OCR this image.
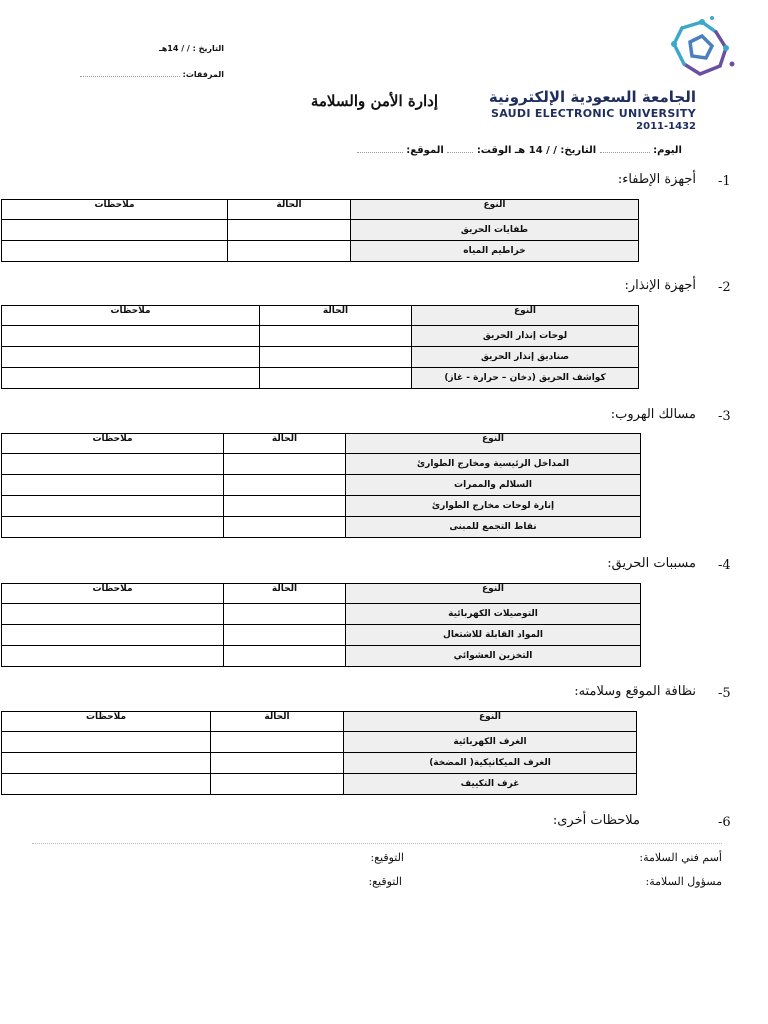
التاريخ : / / 14هـ
المرفقات:
الجامعة السعودية الإلكترونية
SAUDI ELECTRONIC UNIVERSITY
2011-1432
إدارة الأمن والسلامة
اليوم:  التاريخ: / / 14 هـ الوقت:  الموقع:
-1
أجهزة الإطفاء:
النوع	الحالة	ملاحظات
طفايات الحريق		
خراطيم المياه		
-2
أجهزة الإنذار:
النوع	الحالة	ملاحظات
لوحات إنذار الحريق		
صناديق إنذار الحريق		
كواشف الحريق (دخان – حرارة - غاز)		
-3
مسالك الهروب:
النوع	الحالة	ملاحظات
المداخل الرئيسية ومخارج الطوارئ		
السلالم والممرات		
إنارة لوحات مخارج الطوارئ		
نقاط التجمع للمبنى		
-4
مسببات الحريق:
النوع	الحالة	ملاحظات
التوصيلات الكهربائية		
المواد القابلة للاشتعال		
التخزين العشوائي		
-5
نظافة الموقع وسلامته:
النوع	الحالة	ملاحظات
الغرف الكهربائية		
الغرف الميكانيكية( المضخة)		
غرف التكييف		
-6
ملاحظات أخرى:
أسم فني السلامة:
التوقيع:
مسؤول السلامة:
التوقيع:
